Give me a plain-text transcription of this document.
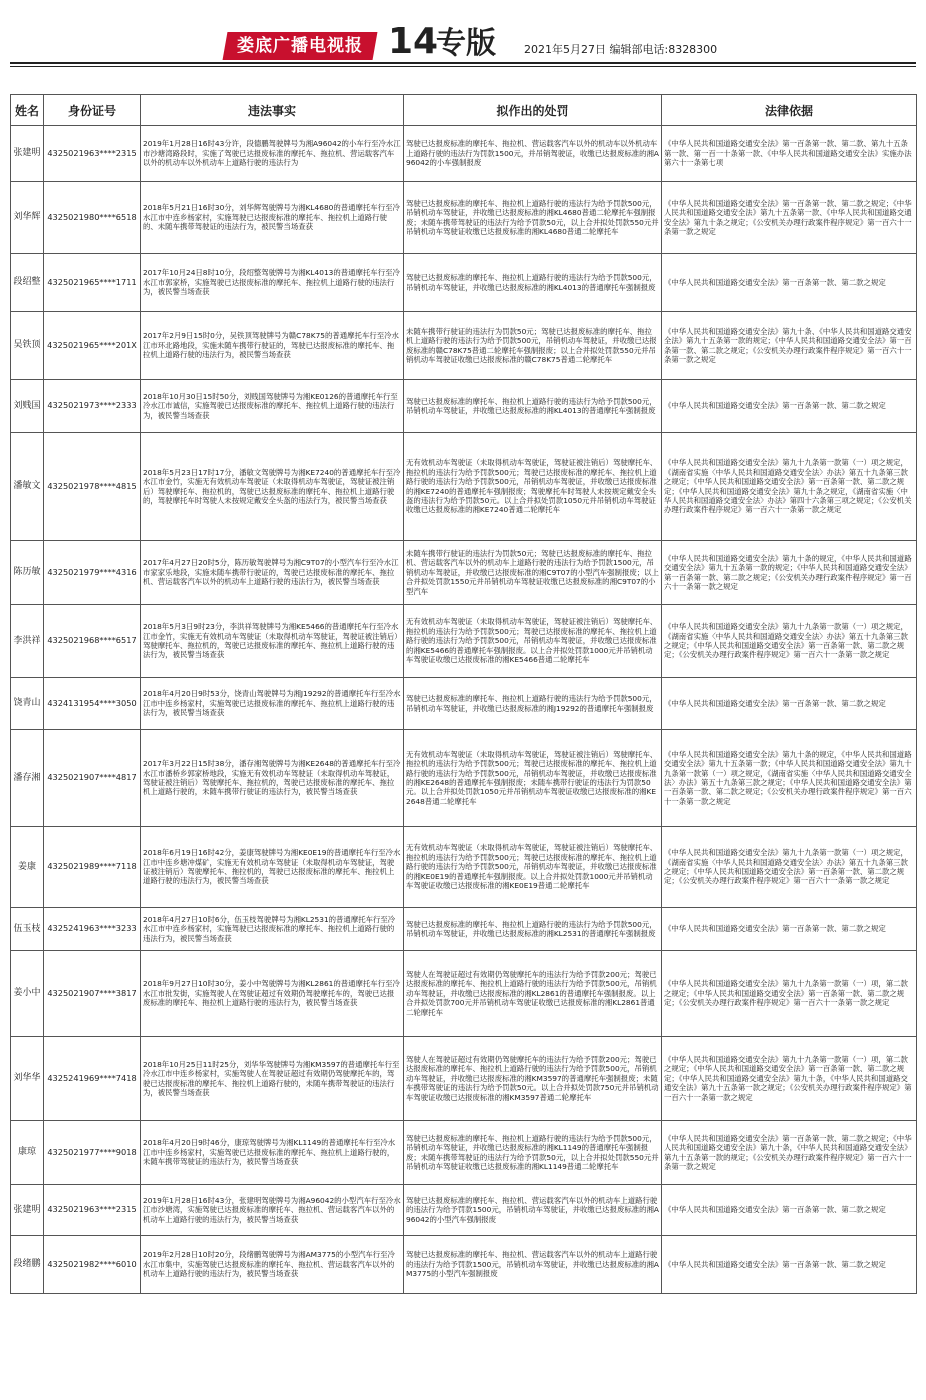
娄底广播电视报 14
专版	2021年5月27日 编辑部电话:8328300
姓名	身份证号	违法事实	拟作出的处罚	法律依据
张建明	4325021963****2315	2019年1月28日16时43分许，段德鹏驾驶牌号为湘A96042的小车行至冷水江市沙塘湾路段时，实施了驾驶已达报废标准的摩托车、拖拉机、营运载客汽车以外的机动车以外机动车上道路行驶的违法行为	驾驶已达报废标准的摩托车、拖拉机、营运载客汽车以外的机动车以外机动车上道路行驶的违法行为罚款1500元，并吊销驾驶证，收缴已达报废标准的湘A96042的小车强制报废	《中华人民共和国道路交通安全法》第一百条第一款、第二款、第九十五条第一款、第一百一十条第一款、《中华人民共和国道路交通安全法》实施办法第六十一条第七项
刘华辉	4325021980****6518	2018年5月21日16时30分，刘华辉驾驶牌号为湘KL4680的普通摩托车行至冷水江市中连乡杨家村，实施驾驶已达报废标准的摩托车、拖拉机上道路行驶的、未随车携带驾驶证的违法行为，被民警当场查获	驾驶已达报废标准的摩托车、拖拉机上道路行驶的违法行为给予罚款500元，吊销机动车驾驶证，并收缴已达报废标准的湘KL4680普通二轮摩托车强制报废；未随车携带驾驶证的违法行为给予罚款50元，以上合并拟处罚款550元并吊销机动车驾驶证收缴已达报废标准的湘KL4680普通二轮摩托车	《中华人民共和国道路交通安全法》第一百条第一款、第二款之规定；《中华人民共和国道路交通安全法》第九十五条第一款、《中华人民共和国道路交通安全法》第九十条之规定；《公安机关办理行政案件程序规定》第一百六十一条第一款之规定
段绍整	4325021965****1711	2017年10月24日8时10分，段绍整驾驶牌号为湘KL4013的普通摩托车行至冷水江市郭家桥，实施驾驶已达报废标准的摩托车、拖拉机上道路行驶的违法行为，被民警当场查获	驾驶已达报废标准的摩托车、拖拉机上道路行驶的违法行为给予罚款500元，吊销机动车驾驶证，并收缴已达报废标准的湘KL4013的普通摩托车强制报废	《中华人民共和国道路交通安全法》第一百条第一款、第二款之规定
吴铁顶	4325021965****201X	2017年2月9日15时0分，吴铁顶驾驶牌号为赣C78K75的普通摩托车行至冷水江市环北路地段，实施未随车携带行驶证的，驾驶已达报废标准的摩托车、拖拉机上道路行驶的违法行为，被民警当场查获	未随车携带行驶证的违法行为罚款50元；驾驶已达报废标准的摩托车、拖拉机上道路行驶的违法行为给予罚款500元，吊销机动车驾驶证，并收缴已达报废标准的赣C78K75普通二轮摩托车强制报废；以上合并拟处罚款550元并吊销机动车驾驶证收缴已达报废标准的赣C78K75普通二轮摩托车	《中华人民共和国道路交通安全法》第九十条、《中华人民共和国道路交通安全法》第九十五条第一款的规定；《中华人民共和国道路交通安全法》第一百条第一款、第二款之规定；《公安机关办理行政案件程序规定》第一百六十一条第一款之规定
刘贱国	4325021973****2333	2018年10月30日15时50分，刘贱国驾驶牌号为湘KE0126的普通摩托车行至冷水江市诚信，实施驾驶已达报废标准的摩托车、拖拉机上道路行驶的违法行为，被民警当场查获	驾驶已达报废标准的摩托车、拖拉机上道路行驶的违法行为给予罚款500元，吊销机动车驾驶证，并收缴已达报废标准的湘KL4013的普通摩托车强制报废	《中华人民共和国道路交通安全法》第一百条第一款、第二款之规定
潘敏文	4325021978****4815	2018年5月23日17时17分，潘敏文驾驶牌号为湘KE7240的普通摩托车行至冷水江市金竹，实施无有效机动车驾驶证（未取得机动车驾驶证，驾驶证被注销后）驾驶摩托车、拖拉机的，驾驶已达报废标准的摩托车、拖拉机上道路行驶的，驾驶摩托车时驾驶人未按规定戴安全头盔的违法行为，被民警当场查获	无有效机动车驾驶证（未取得机动车驾驶证，驾驶证被注销后）驾驶摩托车、拖拉机的违法行为给予罚款500元；驾驶已达报废标准的摩托车、拖拉机上道路行驶的违法行为给予罚款500元，吊销机动车驾驶证，并收缴已达报废标准的湘KE7240的普通摩托车强制报废；驾驶摩托车时驾驶人未按规定戴安全头盔的违法行为给予罚款50元。以上合并拟处罚款1050元并吊销机动车驾驶证收缴已达报废标准的湘KE7240普通二轮摩托车	《中华人民共和国道路交通安全法》第九十九条第一款第（一）项之规定，《湖南省实施〈中华人民共和国道路交通安全法〉办法》第五十九条第三款之规定；《中华人民共和国道路交通安全法》第一百条第一款、第二款之规定；《中华人民共和国道路交通安全法》第九十条之规定，《湖南省实施〈中华人民共和国道路交通安全法〉办法》第四十六条第三项之规定；《公安机关办理行政案件程序规定》第一百六十一条第一款之规定
陈历敏	4325021979****4316	2017年4月27日20时5分，陈历敏驾驶牌号为湘C9T07的小型汽车行至冷水江市家家乐地段，实施未随车携带行驶证的，驾驶已达报废标准的摩托车、拖拉机、营运载客汽车以外的机动车上道路行驶的违法行为，被民警当场查获	未随车携带行驶证的违法行为罚款50元；驾驶已达报废标准的摩托车、拖拉机、营运载客汽车以外的机动车上道路行驶的违法行为给予罚款1500元，吊销机动车驾驶证，并收缴已达报废标准的湘C9T07的小型汽车强制报废；以上合并拟处罚款1550元并吊销机动车驾驶证收缴已达报废标准的湘C9T07的小型汽车	《中华人民共和国道路交通安全法》第九十条的规定，《中华人民共和国道路交通安全法》第九十五条第一款的规定；《中华人民共和国道路交通安全法》第一百条第一款、第二款之规定；《公安机关办理行政案件程序规定》第一百六十一条第一款之规定
李洪祥	4325021968****6517	2018年5月3日9时23分，李洪祥驾驶牌号为湘KE5466的普通摩托车行至冷水江市金竹，实施无有效机动车驾驶证（未取得机动车驾驶证，驾驶证被注销后）驾驶摩托车、拖拉机的，驾驶已达报废标准的摩托车、拖拉机上道路行驶的违法行为，被民警当场查获	无有效机动车驾驶证（未取得机动车驾驶证，驾驶证被注销后）驾驶摩托车、拖拉机的违法行为给予罚款500元；驾驶已达报废标准的摩托车、拖拉机上道路行驶的违法行为给予罚款500元，吊销机动车驾驶证，并收缴已达报废标准的湘KE5466的普通摩托车强制报废。以上合并拟处罚款1000元并吊销机动车驾驶证收缴已达报废标准的湘KE5466普通二轮摩托车	《中华人民共和国道路交通安全法》第九十九条第一款第（一）项之规定，《湖南省实施〈中华人民共和国道路交通安全法〉办法》第五十九条第三款之规定；《中华人民共和国道路交通安全法》第一百条第一款、第二款之规定；《公安机关办理行政案件程序规定》第一百六十一条第一款之规定
饶青山	4324131954****3050	2018年4月20日9时53分，饶青山驾驶牌号为湘J19292的普通摩托车行至冷水江市中连乡杨家村，实施驾驶已达报废标准的摩托车、拖拉机上道路行驶的违法行为，被民警当场查获	驾驶已达报废标准的摩托车、拖拉机上道路行驶的违法行为给予罚款500元，吊销机动车驾驶证，并收缴已达报废标准的湘J19292的普通摩托车强制报废	《中华人民共和国道路交通安全法》第一百条第一款、第二款之规定
潘存湘	4325021907****4817	2017年3月22日15时38分，潘存湘驾驶牌号为湘KE2648的普通摩托车行至冷水江市潘桥乡郭家桥地段，实施无有效机动车驾驶证（未取得机动车驾驶证，驾驶证被注销后）驾驶摩托车、拖拉机的，驾驶已达报废标准的摩托车、拖拉机上道路行驶的，未随车携带行驶证的违法行为，被民警当场查获	无有效机动车驾驶证（未取得机动车驾驶证，驾驶证被注销后）驾驶摩托车、拖拉机的违法行为给予罚款500元；驾驶已达报废标准的摩托车、拖拉机上道路行驶的违法行为给予罚款500元，吊销机动车驾驶证，并收缴已达报废标准的湘KE2648的普通摩托车强制报废；未随车携带行驶证的违法行为罚款50元。以上合并拟处罚款1050元并吊销机动车驾驶证收缴已达报废标准的湘KE2648普通二轮摩托车	《中华人民共和国道路交通安全法》第九十条的规定，《中华人民共和国道路交通安全法》第九十五条第一款；《中华人民共和国道路交通安全法》第九十九条第一款第（一）项之规定，《湖南省实施〈中华人民共和国道路交通安全法〉办法》第五十九条第三款之规定；《中华人民共和国道路交通安全法》第一百条第一款、第二款之规定；《公安机关办理行政案件程序规定》第一百六十一条第一款之规定
姜康	4325021989****7118	2018年6月19日16时42分，姜康驾驶牌号为湘KE0E19的普通摩托车行至冷水江市中连乡塘冲煤矿，实施无有效机动车驾驶证（未取得机动车驾驶证，驾驶证被注销后）驾驶摩托车、拖拉机的，驾驶已达报废标准的摩托车、拖拉机上道路行驶的违法行为，被民警当场查获	无有效机动车驾驶证（未取得机动车驾驶证，驾驶证被注销后）驾驶摩托车、拖拉机的违法行为给予罚款500元；驾驶已达报废标准的摩托车、拖拉机上道路行驶的违法行为给予罚款500元，吊销机动车驾驶证，并收缴已达报废标准的湘KE0E19的普通摩托车强制报废。以上合并拟处罚款1000元并吊销机动车驾驶证收缴已达报废标准的湘KE0E19普通二轮摩托车	《中华人民共和国道路交通安全法》第九十九条第一款第（一）项之规定，《湖南省实施〈中华人民共和国道路交通安全法〉办法》第五十九条第三款之规定；《中华人民共和国道路交通安全法》第一百条第一款、第二款之规定；《公安机关办理行政案件程序规定》第一百六十一条第一款之规定
伍玉枝	4325241963****3233	2018年4月27日10时6分，伍玉枝驾驶牌号为湘KL2531的普通摩托车行至冷水江市中连乡杨家村，实施驾驶已达报废标准的摩托车、拖拉机上道路行驶的违法行为，被民警当场查获	驾驶已达报废标准的摩托车、拖拉机上道路行驶的违法行为给予罚款500元，吊销机动车驾驶证，并收缴已达报废标准的湘KL2531的普通摩托车强制报废	《中华人民共和国道路交通安全法》第一百条第一款、第二款之规定
姜小中	4325021907****3817	2018年9月27日10时30分，姜小中驾驶牌号为湘KL2861的普通摩托车行至冷水江市批发街，实施驾驶人在驾驶证超过有效期仍驾驶摩托车的，驾驶已达报废标准的摩托车、拖拉机上道路行驶的违法行为，被民警当场查获	驾驶人在驾驶证超过有效期仍驾驶摩托车的违法行为给予罚款200元；驾驶已达报废标准的摩托车、拖拉机上道路行驶的违法行为给予罚款500元，吊销机动车驾驶证，并收缴已达报废标准的湘KL2861的普通摩托车强制报废。以上合并拟处罚款700元并吊销机动车驾驶证收缴已达报废标准的湘KL2861普通二轮摩托车	《中华人民共和国道路交通安全法》第九十九条第一款第（一）项，第二款之规定；《中华人民共和国道路交通安全法》第一百条第一款、第二款之规定；《公安机关办理行政案件程序规定》第一百六十一条第一款之规定
刘华华	4325241969****7418	2018年10月25日11时25分，刘华华驾驶牌号为湘KM3597的普通摩托车行至冷水江市中连乡杨家村，实施驾驶人在驾驶证超过有效期仍驾驶摩托车的，驾驶已达报废标准的摩托车、拖拉机上道路行驶的，未随车携带驾驶证的违法行为，被民警当场查获	驾驶人在驾驶证超过有效期仍驾驶摩托车的违法行为给予罚款200元；驾驶已达报废标准的摩托车、拖拉机上道路行驶的违法行为给予罚款500元，吊销机动车驾驶证，并收缴已达报废标准的湘KM3597的普通摩托车强制报废；未随车携带驾驶证的违法行为给予罚款50元。以上合并拟处罚款750元并吊销机动车驾驶证收缴已达报废标准的湘KM3597普通二轮摩托车	《中华人民共和国道路交通安全法》第九十九条第一款第（一）项，第二款之规定；《中华人民共和国道路交通安全法》第一百条第一款、第二款之规定；《中华人民共和国道路交通安全法》第九十条，《中华人民共和国道路交通安全法》第九十五条第一款之规定；《公安机关办理行政案件程序规定》第一百六十一条第一款之规定
康琼	4325021977****9018	2018年4月20日9时46分，康琼驾驶牌号为湘KL1149的普通摩托车行至冷水江市中连乡杨家村，实施驾驶已达报废标准的摩托车、拖拉机上道路行驶的，未随车携带驾驶证的违法行为，被民警当场查获	驾驶已达报废标准的摩托车、拖拉机上道路行驶的违法行为给予罚款500元，吊销机动车驾驶证，并收缴已达报废标准的湘KL1149的普通摩托车强制报废；未随车携带驾驶证的违法行为给予罚款50元，以上合并拟处罚款550元并吊销机动车驾驶证收缴已达报废标准的湘KL1149普通二轮摩托车	《中华人民共和国道路交通安全法》第一百条第一款、第二款之规定；《中华人民共和国道路交通安全法》第九十条，《中华人民共和国道路交通安全法》第九十五条第一款的规定；《公安机关办理行政案件程序规定》第一百六十一条第一款之规定
张建明	4325021963****2315	2019年1月28日16时43分，张建明驾驶牌号为湘A96042的小型汽车行至冷水江市沙塘湾，实施驾驶已达报废标准的摩托车、拖拉机、营运载客汽车以外的机动车上道路行驶的违法行为，被民警当场查获	驾驶已达报废标准的摩托车、拖拉机、营运载客汽车以外的机动车上道路行驶的违法行为给予罚款1500元，吊销机动车驾驶证，并收缴已达报废标准的湘A96042的小型汽车强制报废	《中华人民共和国道路交通安全法》第一百条第一款、第二款之规定
段绪鹏	4325021982****6010	2019年2月28日10时20分，段绪鹏驾驶牌号为湘AM3775的小型汽车行至冷水江市集中，实施驾驶已达报废标准的摩托车、拖拉机、营运载客汽车以外的机动车上道路行驶的违法行为，被民警当场查获	驾驶已达报废标准的摩托车、拖拉机、营运载客汽车以外的机动车上道路行驶的违法行为给予罚款1500元，吊销机动车驾驶证，并收缴已达报废标准的湘AM3775的小型汽车强制报废	《中华人民共和国道路交通安全法》第一百条第一款、第二款之规定
